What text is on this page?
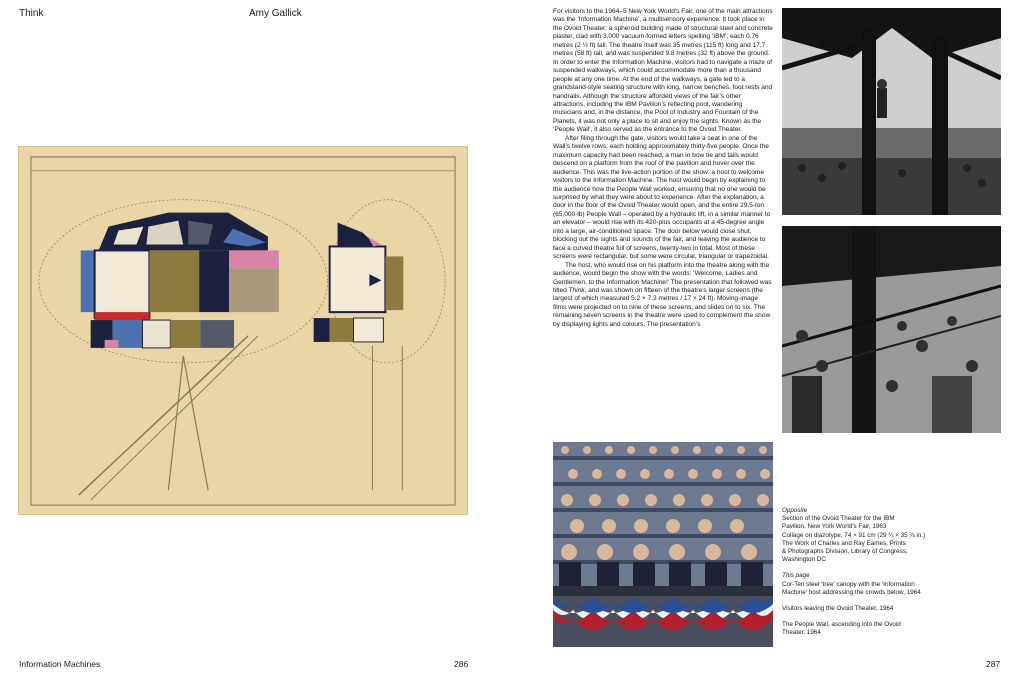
Think	Amy Gallick	For visitors to the 1964–5 New York World’s Fair, one of the main attractions was the ‘Information Machine’, a multisensory experience. It took place in the Ovoid Theater: a spheroid building made of structural steel and concrete plaster, clad with 3,000 vacuum-formed letters spelling ‘IBM’, each 0.76 metres (2 ½ ft) tall. The theatre itself was 35 metres (115 ft) long and 17.7 metres (58 ft) tall, and was suspended 9.8 metres (32 ft) above the ground. In order to enter the Information Machine, visitors had to navigate a maze of suspended walkways, which could accommodate more than a thousand people at any one time. At the end of the walkways, a gate led to a grandstand-style seating structure with long, narrow benches, foot rests and handrails. Although the structure afforded views of the fair’s other attractions, including the IBM Pavilion’s reflecting pool, wandering musicians and, in the distance, the Pool of Industry and Fountain of the Planets, it was not only a place to sit and enjoy the sights. Known as the ‘People Wall’, it also served as the entrance to the Ovoid Theater.

After filing through the gate, visitors would take a seat in one of the Wall’s twelve rows, each holding approximately thirty-five people. Once the maximum capacity had been reached, a man in bow tie and tails would descend on a platform from the roof of the pavilion and hover over the audience. This was the live-action portion of the show: a host to welcome visitors to the Information Machine. The host would begin by explaining to the audience how the People Wall worked, ensuring that no one would be surprised by what they were about to experience. After the explanation, a door in the floor of the Ovoid Theater would open, and the entire 29.5-ton (65,000-lb) People Wall – operated by a hydraulic lift, in a similar manner to an elevator – would rise with its 420-plus occupants at a 45-degree angle into a large, air-conditioned space. The door below would close shut, blocking out the sights and sounds of the fair, and leaving the audience to face a curved theatre full of screens, twenty-two in total. Most of these screens were rectangular, but some were circular, triangular or trapezoidal.

The host, who would rise on his platform into the theatre along with the audience, would begin the show with the words: ‘Welcome, Ladies and Gentlemen, to the Information Machine!’ The presentation that followed was titled Think, and was shown on fifteen of the theatre’s larger screens (the largest of which measured 5.2 × 7.3 metres / 17 × 24 ft). Moving-image films were projected on to nine of these screens, and slides on to six. The remaining seven screens in the theatre were used to complement the show by displaying lights and colours. The presentation’s

Opposite
Section of the Ovoid Theater for the IBM
Pavilion, New York World’s Fair, 1963
Collage on diazotype, 74 × 91 cm (29 ¼ × 35 ⅞ in.)
The Work of Charles and Ray Eames, Prints
& Photographs Division, Library of Congress,
Washington DC
This page
Cor-Ten steel ‘tree’ canopy with the ‘Information
Machine’ host addressing the crowds below, 1964
Visitors leaving the Ovoid Theater, 1964
The People Wall, ascending into the Ovoid
Theater, 1964
Information Machines	286	287
